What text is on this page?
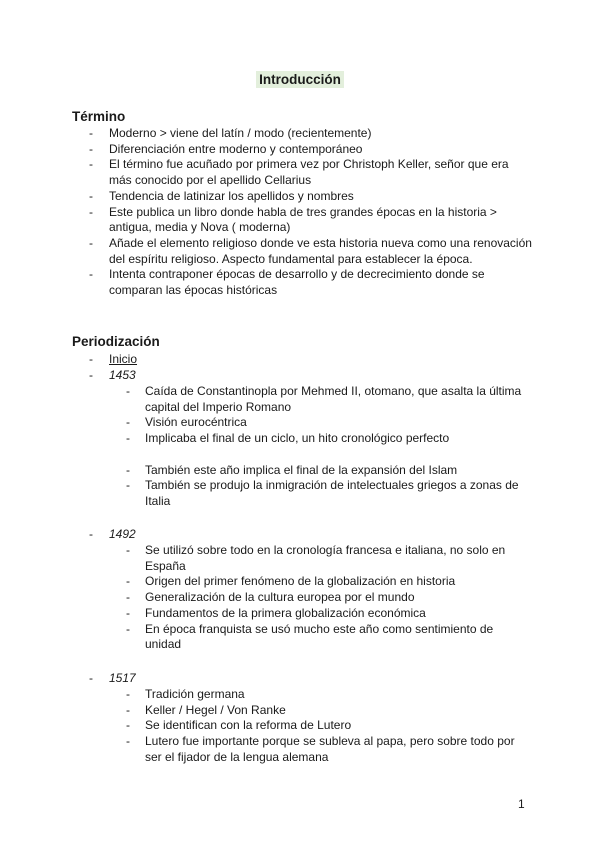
Introducción
Término
- Moderno > viene del latín / modo (recientemente)
- Diferenciación entre moderno y contemporáneo
- El término fue acuñado por primera vez por Christoph Keller, señor que era más conocido por el apellido Cellarius
- Tendencia de latinizar los apellidos y nombres
- Este publica un libro donde habla de tres grandes épocas en la historia > antigua, media y Nova ( moderna)
- Añade el elemento religioso donde ve esta historia nueva como una renovación del espíritu religioso. Aspecto fundamental para establecer la época.
- Intenta contraponer épocas de desarrollo y de decrecimiento donde se comparan las épocas históricas
Periodización
- Inicio
- 1453
- Caída de Constantinopla por Mehmed II, otomano, que asalta la última capital del Imperio Romano
- Visión eurocéntrica
- Implicaba el final de un ciclo, un hito cronológico perfecto
- También este año implica el final de la expansión del Islam
- También se produjo la inmigración de intelectuales griegos a zonas de Italia
- 1492
- Se utilizó sobre todo en la cronología francesa e italiana, no solo en España
- Origen del primer fenómeno de la globalización en historia
- Generalización de la cultura europea por el mundo
- Fundamentos de la primera globalización económica
- En época franquista se usó mucho este año como sentimiento de unidad
- 1517
- Tradición germana
- Keller / Hegel / Von Ranke
- Se identifican con la reforma de Lutero
- Lutero fue importante porque se subleva al papa, pero sobre todo por ser el fijador de la lengua alemana
1
